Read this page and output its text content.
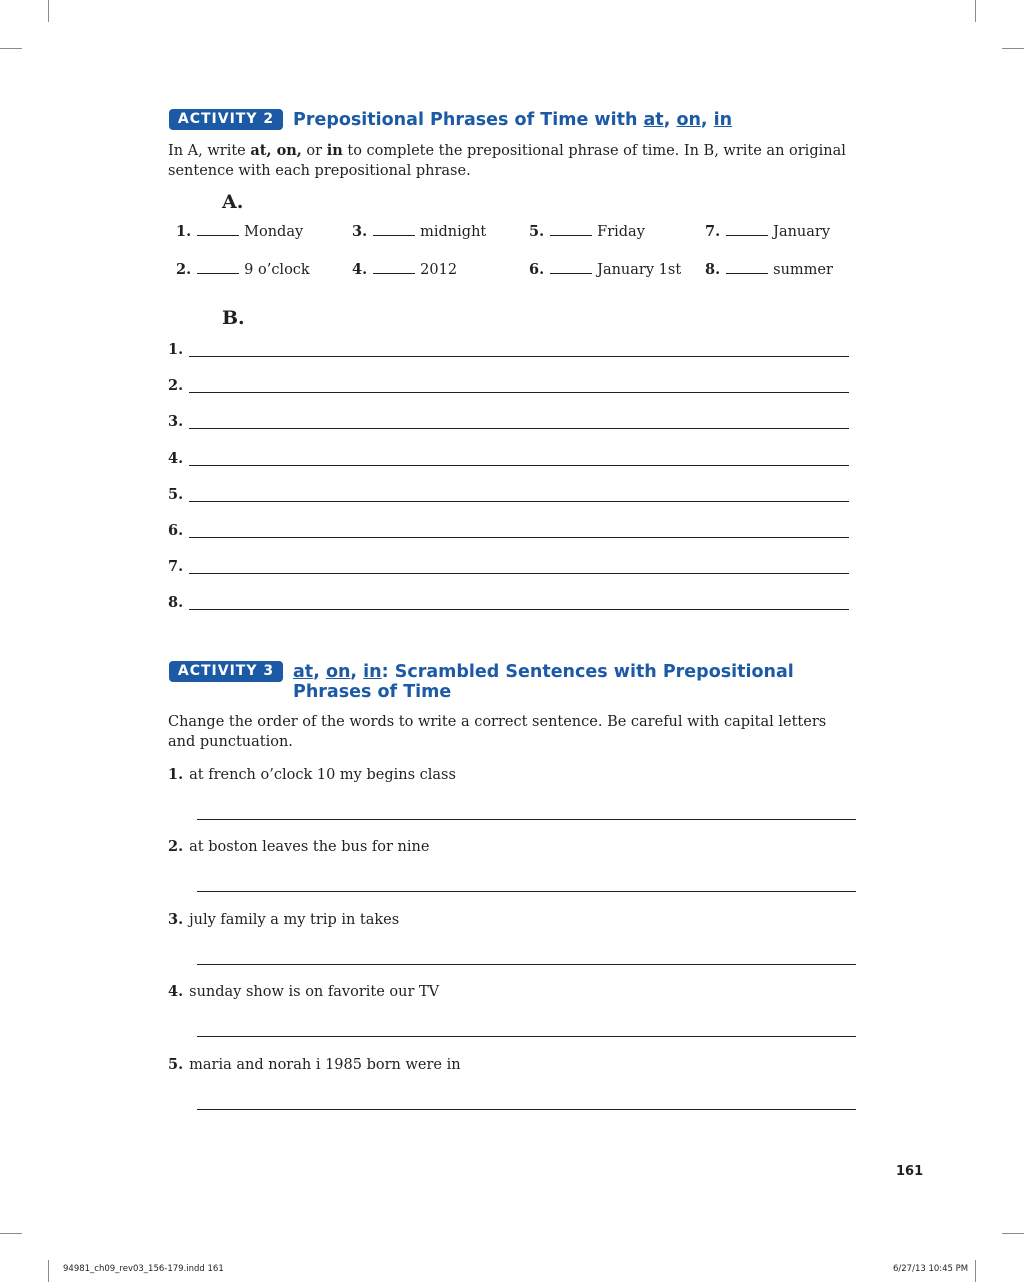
ACTIVITY 2	Prepositional Phrases of Time with at, on, in
In A, write at, on, or in to complete the prepositional phrase of time. In B, write an original sentence with each prepositional phrase.
A.
1.	Monday	3.	midnight	5.	Friday	7.	January
2.	9 o’clock	4.	2012	6.	January 1st 8.	summer
B.
1.
2.
3.
4.
5.
6.
7.
8.
ACTIVITY 3	at, on, in: Scrambled Sentences with Prepositional
Phrases of Time
Change the order of the words to write a correct sentence. Be careful with capital letters and punctuation.
1. at french o’clock 10 my begins class
2. at boston leaves the bus for nine
3. july family a my trip in takes
4. sunday show is on favorite our TV
5. maria and norah i 1985 born were in
161
94981_ch09_rev03_156-179.indd 161	6/27/13 10:45 PM
